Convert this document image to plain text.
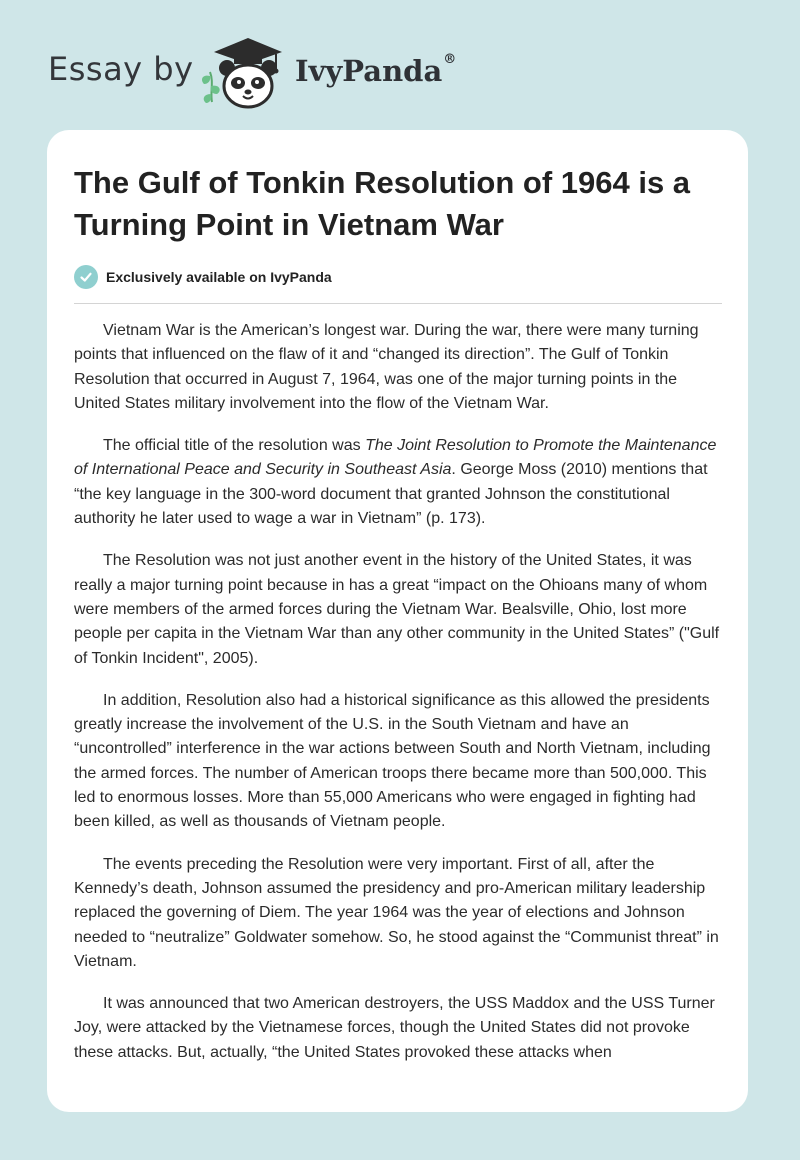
Essay by	IvyPanda®
The Gulf of Tonkin Resolution of 1964 is a Turning Point in Vietnam War
Exclusively available on IvyPanda

Vietnam War is the American’s longest war. During the war, there were many turning points that influenced on the flaw of it and “changed its direction”. The Gulf of Tonkin Resolution that occurred in August 7, 1964, was one of the major turning points in the United States military involvement into the flow of the Vietnam War.

The official title of the resolution was The Joint Resolution to Promote the Maintenance of International Peace and Security in Southeast Asia. George Moss (2010) mentions that “the key language in the 300-word document that granted Johnson the constitutional authority he later used to wage a war in Vietnam” (p. 173).

The Resolution was not just another event in the history of the United States, it was really a major turning point because in has a great “impact on the Ohioans many of whom were members of the armed forces during the Vietnam War. Bealsville, Ohio, lost more people per capita in the Vietnam War than any other community in the United States” ("Gulf of Tonkin Incident", 2005).

In addition, Resolution also had a historical significance as this allowed the presidents greatly increase the involvement of the U.S. in the South Vietnam and have an “uncontrolled” interference in the war actions between South and North Vietnam, including the armed forces. The number of American troops there became more than 500,000. This led to enormous losses. More than 55,000 Americans who were engaged in fighting had been killed, as well as thousands of Vietnam people.

The events preceding the Resolution were very important. First of all, after the Kennedy’s death, Johnson assumed the presidency and pro-American military leadership replaced the governing of Diem. The year 1964 was the year of elections and Johnson needed to “neutralize” Goldwater somehow. So, he stood against the “Communist threat” in Vietnam.

It was announced that two American destroyers, the USS Maddox and the USS Turner Joy, were attacked by the Vietnamese forces, though the United States did not provoke these attacks. But, actually, “the United States provoked these attacks when
